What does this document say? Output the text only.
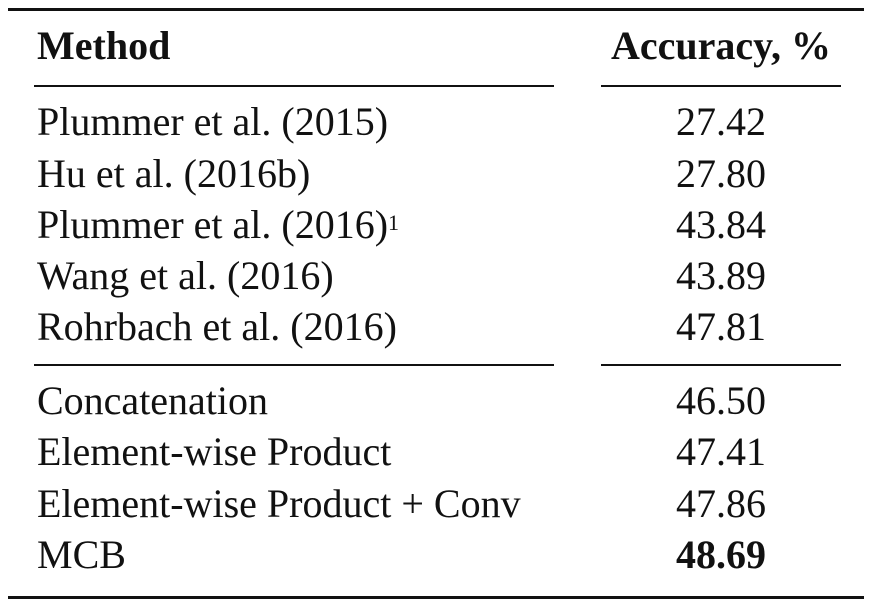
Method	Accuracy, %
Plummer et al. (2015)	27.42
Hu et al. (2016b)	27.80
Plummer et al. $(2016)^1$	43.84
Wang et al. (2016)	43.89
Rohrbach et al. (2016)	47.81
Concatenation	46.50
Element-wise Product	47.41
Element-wise Product + Conv	47.86
MCB	48.69
